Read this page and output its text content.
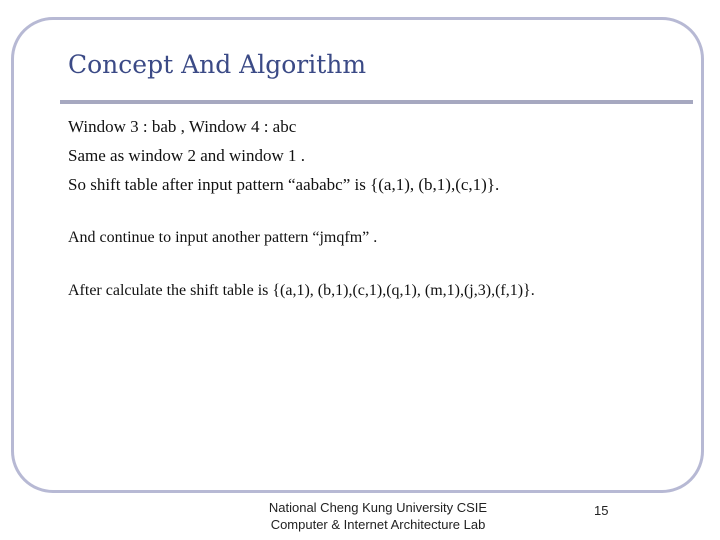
Concept And Algorithm
Window 3 : bab , Window 4 : abc
Same as window 2 and window 1 .
So shift table after input pattern “aababc” is {(a,1), (b,1),(c,1)}.
And continue to input another pattern “jmqfm” .
After calculate the shift table is {(a,1), (b,1),(c,1),(q,1), (m,1),(j,3),(f,1)}.
National Cheng Kung University CSIE
Computer & Internet Architecture Lab
15
